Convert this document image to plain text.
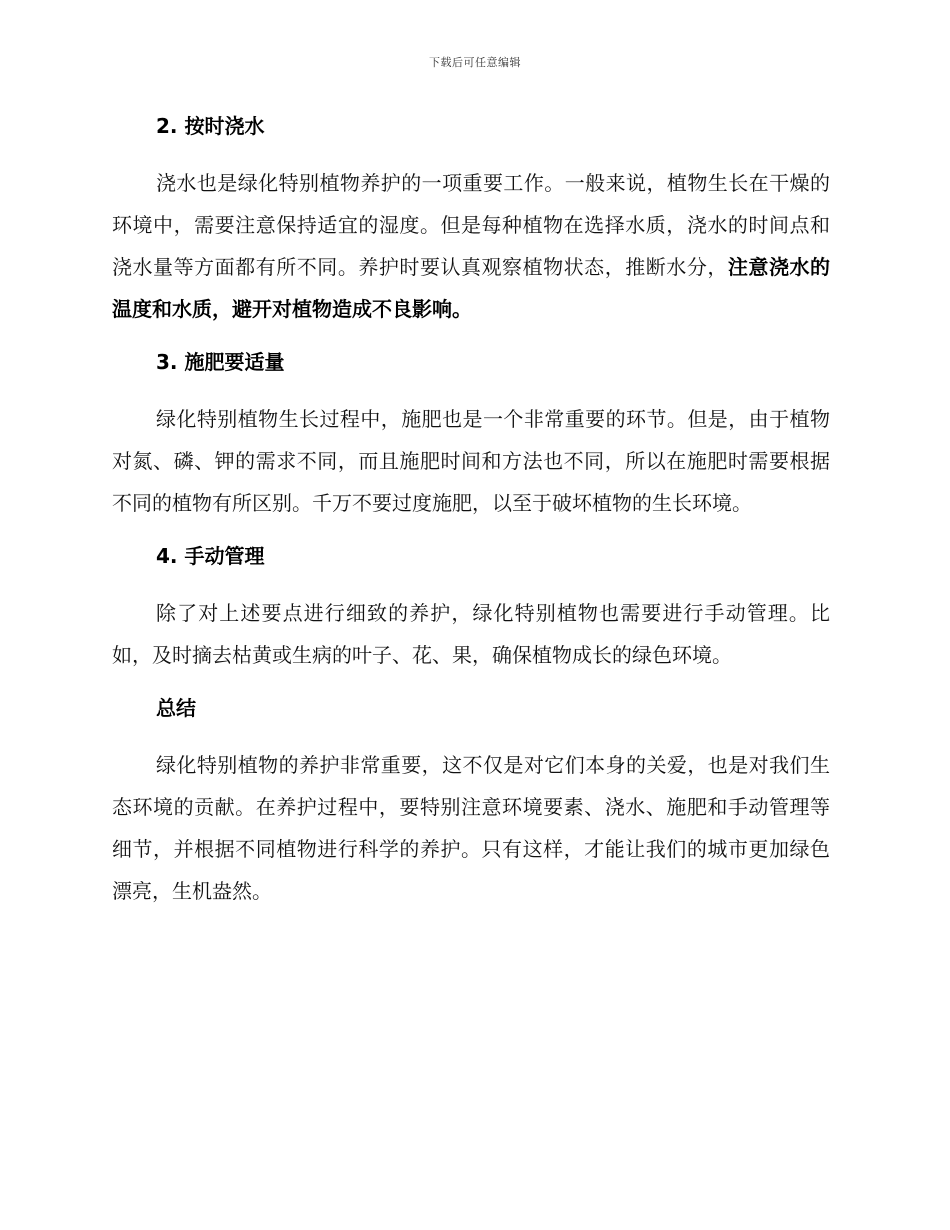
下载后可任意编辑
2. 按时浇水

浇水也是绿化特别植物养护的一项重要工作。一般来说，植物生长在干燥的环境中，需要注意保持适宜的湿度。但是每种植物在选择水质，浇水的时间点和浇水量等方面都有所不同。养护时要认真观察植物状态，推断水分，注意浇水的温度和水质，避开对植物造成不良影响。

3. 施肥要适量

绿化特别植物生长过程中，施肥也是一个非常重要的环节。但是，由于植物对氮、磷、钾的需求不同，而且施肥时间和方法也不同，所以在施肥时需要根据不同的植物有所区别。千万不要过度施肥，以至于破坏植物的生长环境。

4. 手动管理

除了对上述要点进行细致的养护，绿化特别植物也需要进行手动管理。比如，及时摘去枯黄或生病的叶子、花、果，确保植物成长的绿色环境。

总结

绿化特别植物的养护非常重要，这不仅是对它们本身的关爱，也是对我们生态环境的贡献。在养护过程中，要特别注意环境要素、浇水、施肥和手动管理等细节，并根据不同植物进行科学的养护。只有这样，才能让我们的城市更加绿色漂亮，生机盎然。
